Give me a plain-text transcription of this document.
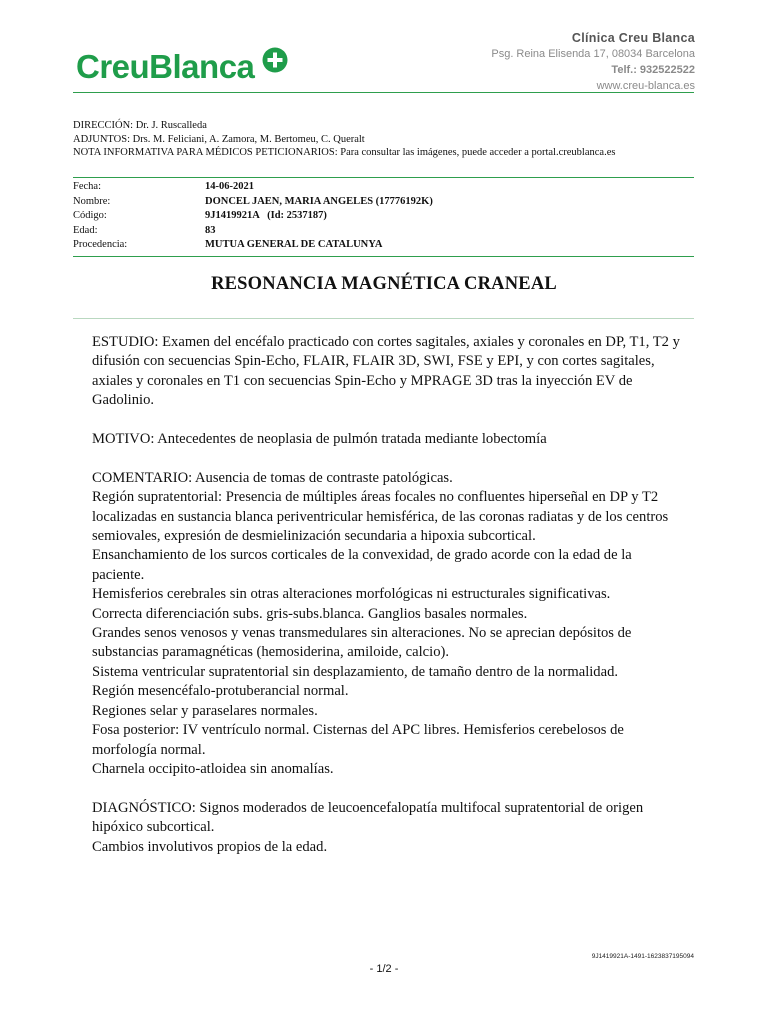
CreuBlanca
Clínica Creu Blanca
Psg. Reina Elisenda 17, 08034 Barcelona
Telf.: 932522522
www.creu-blanca.es
DIRECCIÓN: Dr. J. Ruscalleda
ADJUNTOS: Drs. M. Feliciani, A. Zamora, M. Bertomeu, C. Queralt
NOTA INFORMATIVA PARA MÉDICOS PETICIONARIOS: Para consultar las imágenes, puede acceder a portal.creublanca.es
Fecha:	14-06-2021
Nombre:	DONCEL JAEN, MARIA ANGELES (17776192K)
Código:	9J1419921A   (Id: 2537187)
Edad:	83
Procedencia:	MUTUA GENERAL DE CATALUNYA
RESONANCIA MAGNÉTICA CRANEAL

ESTUDIO: Examen del encéfalo practicado con cortes sagitales, axiales y coronales en DP, T1, T2 y difusión con secuencias Spin-Echo, FLAIR, FLAIR 3D, SWI, FSE y EPI, y con cortes sagitales, axiales y coronales en T1 con secuencias Spin-Echo y MPRAGE 3D tras la inyección EV de Gadolinio.

MOTIVO: Antecedentes de neoplasia de pulmón tratada mediante lobectomía

COMENTARIO: Ausencia de tomas de contraste patológicas.

Región supratentorial: Presencia de múltiples áreas focales no confluentes hiperseñal en DP y T2 localizadas en sustancia blanca periventricular hemisférica, de las coronas radiatas y de los centros semiovales, expresión de desmielinización secundaria a hipoxia subcortical.

Ensanchamiento de los surcos corticales de la convexidad, de grado acorde con la edad de la paciente.

Hemisferios cerebrales sin otras alteraciones morfológicas ni estructurales significativas.

Correcta diferenciación subs. gris-subs.blanca. Ganglios basales normales.

Grandes senos venosos y venas transmedulares sin alteraciones. No se aprecian depósitos de substancias paramagnéticas (hemosiderina, amiloide, calcio).

Sistema ventricular supratentorial sin desplazamiento, de tamaño dentro de la normalidad.

Región mesencéfalo-protuberancial normal.

Regiones selar y paraselares normales.

Fosa posterior: IV ventrículo normal. Cisternas del APC libres. Hemisferios cerebelosos de morfología normal.

Charnela occipito-atloidea sin anomalías.

DIAGNÓSTICO: Signos moderados de leucoencefalopatía multifocal supratentorial de origen hipóxico subcortical.

Cambios involutivos propios de la edad.

9J1419921A-1491-1623837195094
- 1/2 -
